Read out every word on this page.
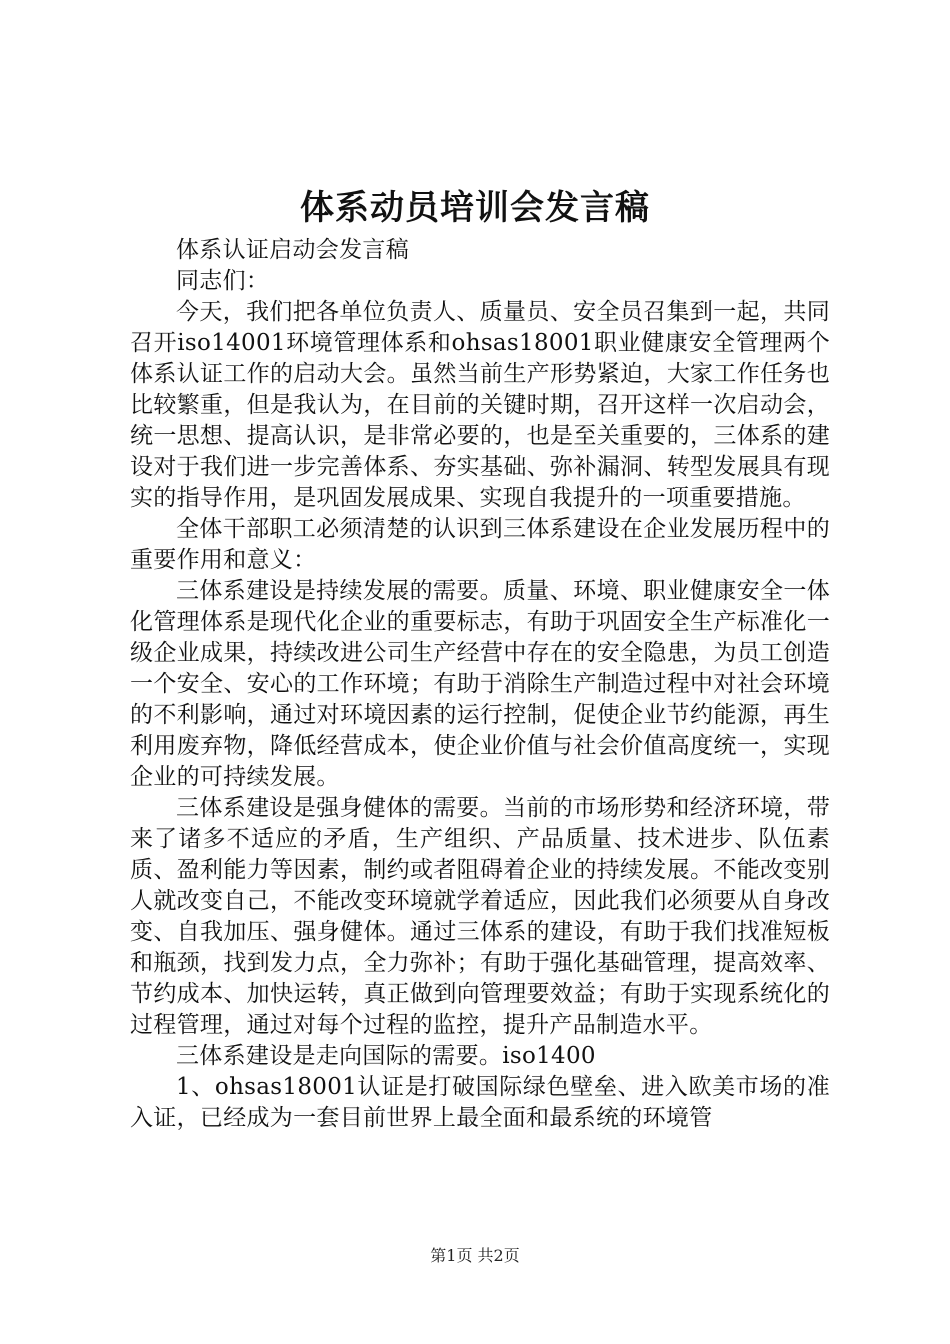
体系动员培训会发言稿

体系认证启动会发言稿

同志们：

今天，我们把各单位负责人、质量员、安全员召集到一起，共同召开iso14001环境管理体系和ohsas18001职业健康安全管理两个体系认证工作的启动大会。虽然当前生产形势紧迫，大家工作任务也比较繁重，但是我认为，在目前的关键时期，召开这样一次启动会，统一思想、提高认识，是非常必要的，也是至关重要的，三体系的建设对于我们进一步完善体系、夯实基础、弥补漏洞、转型发展具有现实的指导作用，是巩固发展成果、实现自我提升的一项重要措施。

全体干部职工必须清楚的认识到三体系建设在企业发展历程中的重要作用和意义：

三体系建设是持续发展的需要。质量、环境、职业健康安全一体化管理体系是现代化企业的重要标志，有助于巩固安全生产标准化一级企业成果，持续改进公司生产经营中存在的安全隐患，为员工创造一个安全、安心的工作环境；有助于消除生产制造过程中对社会环境的不利影响，通过对环境因素的运行控制，促使企业节约能源，再生利用废弃物，降低经营成本，使企业价值与社会价值高度统一，实现企业的可持续发展。

三体系建设是强身健体的需要。当前的市场形势和经济环境，带来了诸多不适应的矛盾，生产组织、产品质量、技术进步、队伍素质、盈利能力等因素，制约或者阻碍着企业的持续发展。不能改变别人就改变自己，不能改变环境就学着适应，因此我们必须要从自身改变、自我加压、强身健体。通过三体系的建设，有助于我们找准短板和瓶颈，找到发力点，全力弥补；有助于强化基础管理，提高效率、节约成本、加快运转，真正做到向管理要效益；有助于实现系统化的过程管理，通过对每个过程的监控，提升产品制造水平。

三体系建设是走向国际的需要。iso1400

1、ohsas18001认证是打破国际绿色壁垒、进入欧美市场的准入证，已经成为一套目前世界上最全面和最系统的环境管

第1页 共2页
